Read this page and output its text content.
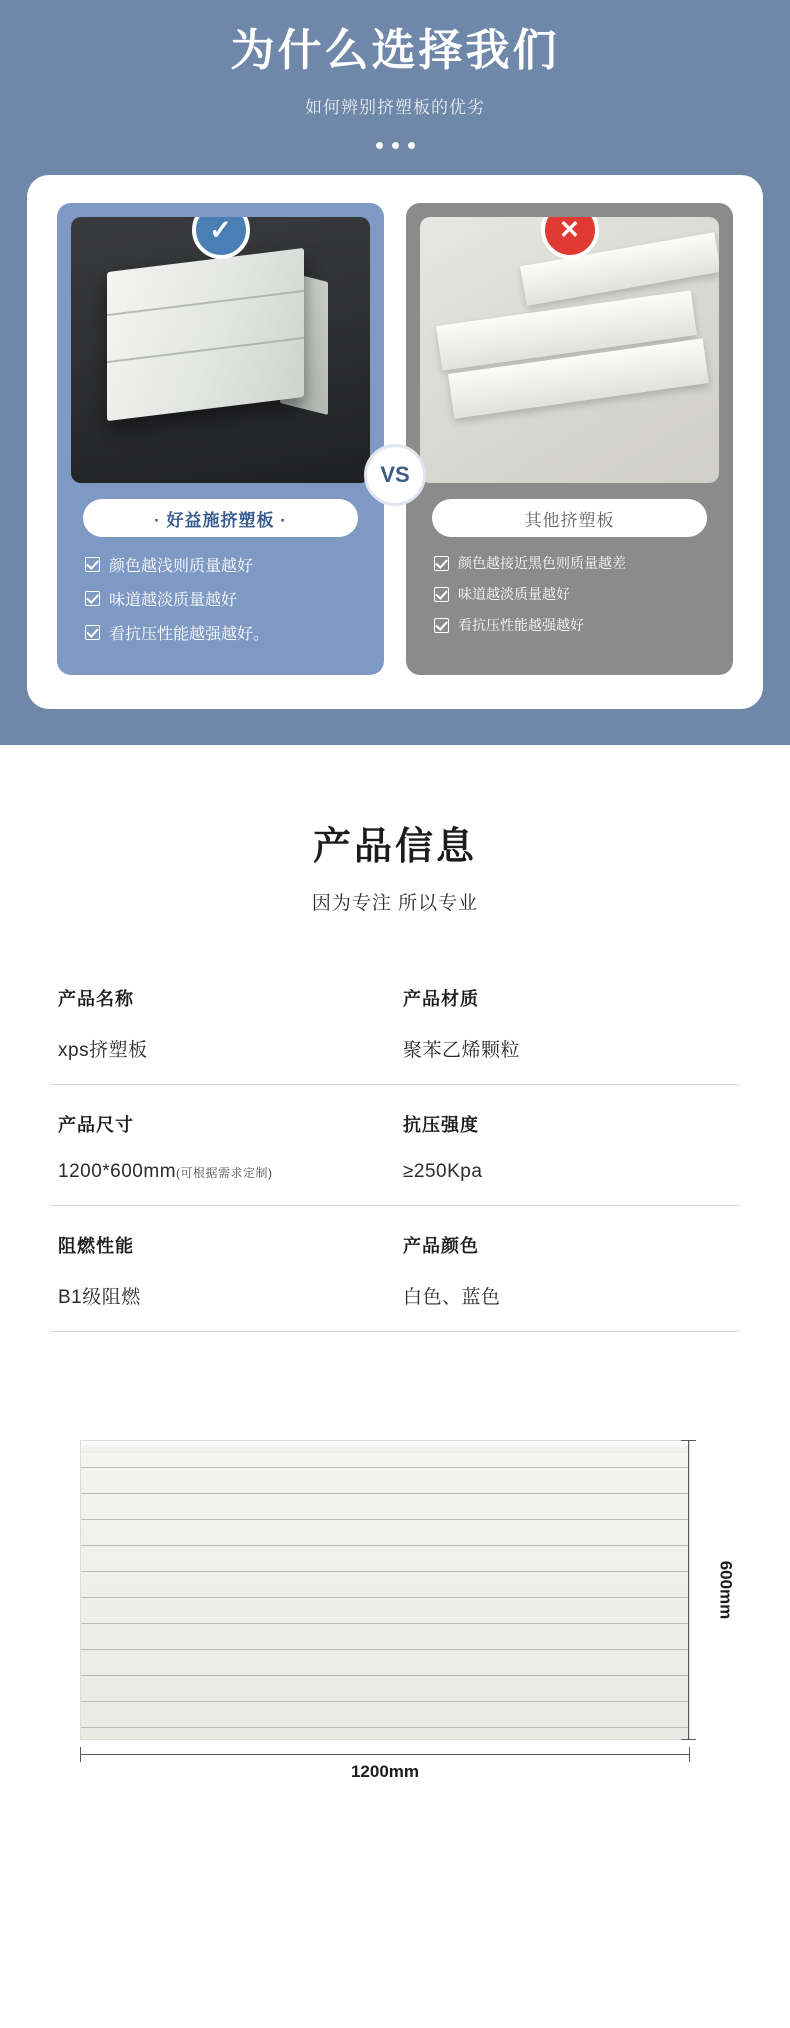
为什么选择我们
如何辨别挤塑板的优劣
✓
· 好益施挤塑板 ·
颜色越浅则质量越好
味道越淡质量越好
看抗压性能越强越好。
✕
其他挤塑板
颜色越接近黑色则质量越差
味道越淡质量越好
看抗压性能越强越好
VS
产品信息
因为专注 所以专业
产品名称
xps挤塑板
产品材质
聚苯乙烯颗粒
产品尺寸
1200*600mm(可根据需求定制)
抗压强度
≥250Kpa
阻燃性能
B1级阻燃
产品颜色
白色、蓝色
600mm
1200mm
